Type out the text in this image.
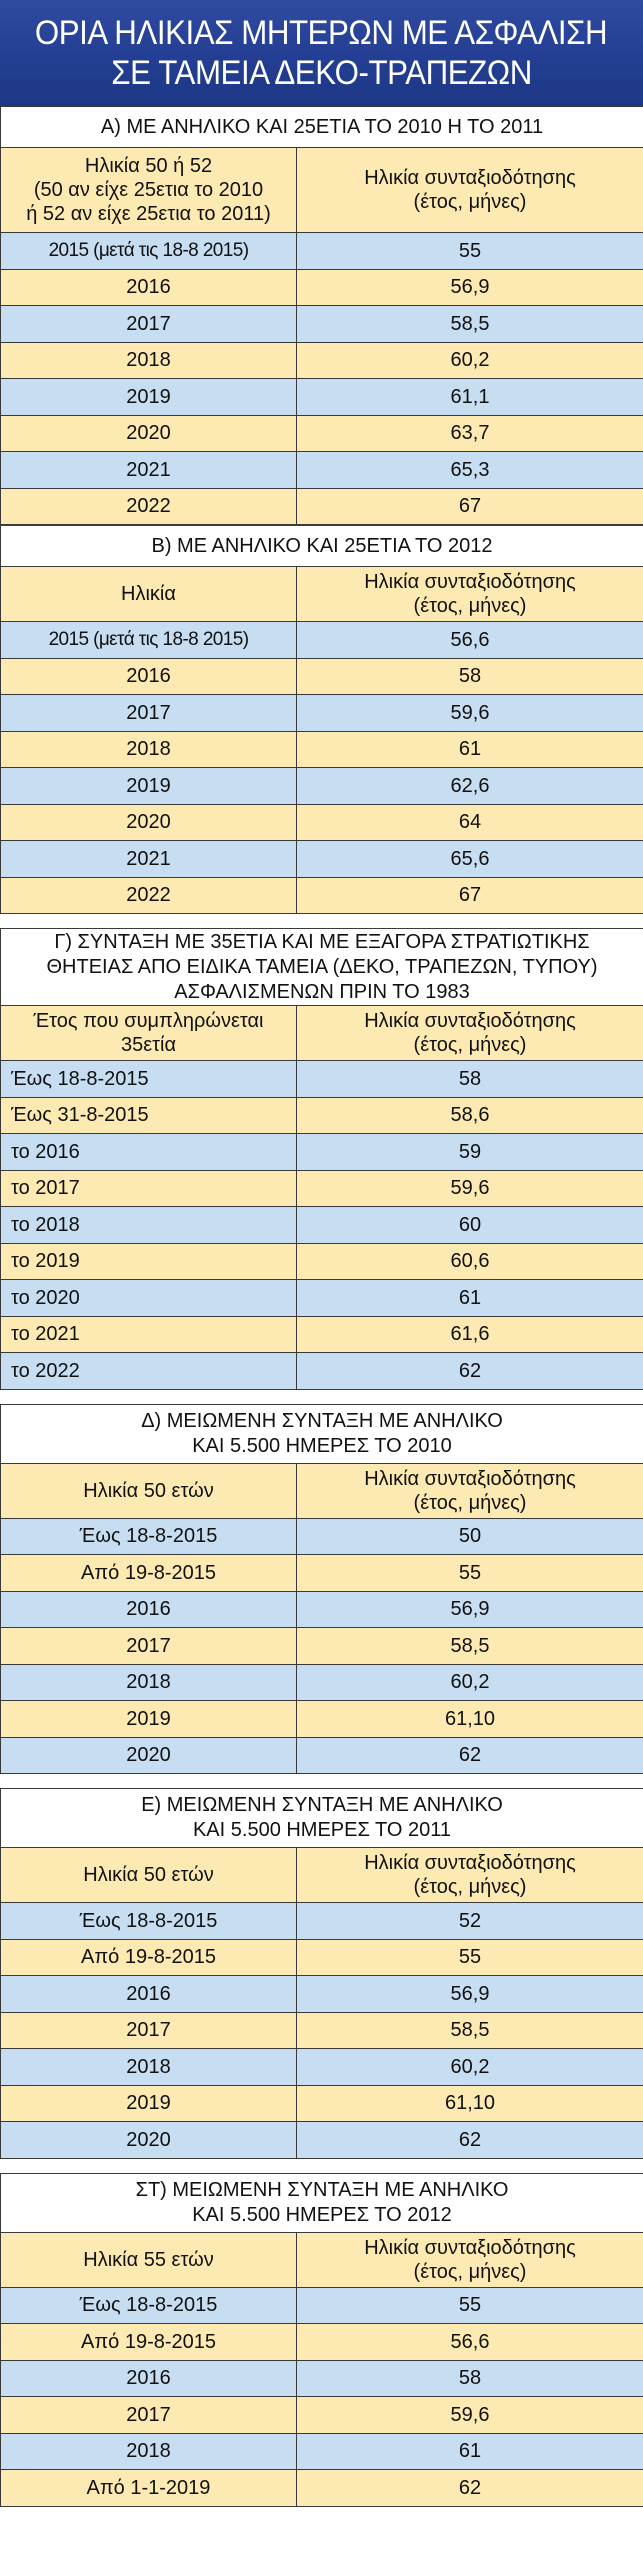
ΟΡΙΑ ΗΛΙΚΙΑΣ ΜΗΤΕΡΩΝ ΜΕ ΑΣΦΑΛΙΣΗ
ΣΕ ΤΑΜΕΙΑ ΔΕΚΟ-ΤΡΑΠΕΖΩΝ
Α) ΜΕ ΑΝΗΛΙΚΟ ΚΑΙ 25ΕΤΙΑ ΤΟ 2010 Η ΤΟ 2011	
Ηλικία 50 ή 52
(50 αν είχε 25ετια το 2010
ή 52 αν είχε 25ετια το 2011)	Ηλικία συνταξιοδότησης
(έτος, μήνες)
2015 (μετά τις 18-8 2015)	55
2016	56,9
2017	58,5
2018	60,2
2019	61,1
2020	63,7
2021	65,3
2022	67
Β) ΜΕ ΑΝΗΛΙΚΟ ΚΑΙ 25ΕΤΙΑ ΤΟ 2012	
Ηλικία	Ηλικία συνταξιοδότησης
(έτος, μήνες)
2015 (μετά τις 18-8 2015)	56,6
2016	58
2017	59,6
2018	61
2019	62,6
2020	64
2021	65,6
2022	67
Γ) ΣΥΝΤΑΞΗ ΜΕ 35ΕΤΙΑ ΚΑΙ ΜΕ ΕΞΑΓΟΡΑ ΣΤΡΑΤΙΩΤΙΚΗΣ
ΘΗΤΕΙΑΣ ΑΠΟ ΕΙΔΙΚΑ ΤΑΜΕΙΑ (ΔΕΚΟ, ΤΡΑΠΕΖΩΝ, ΤΥΠΟΥ)
ΑΣΦΑΛΙΣΜΕΝΩΝ ΠΡΙΝ ΤΟ 1983	
Έτος που συμπληρώνεται
35ετία	Ηλικία συνταξιοδότησης
(έτος, μήνες)
Έως 18-8-2015	58
Έως 31-8-2015	58,6
το 2016	59
το 2017	59,6
το 2018	60
το 2019	60,6
το 2020	61
το 2021	61,6
το 2022	62
Δ) ΜΕΙΩΜΕΝΗ ΣΥΝΤΑΞΗ ΜΕ ΑΝΗΛΙΚΟ
ΚΑΙ 5.500 ΗΜΕΡΕΣ ΤΟ 2010	
Ηλικία 50 ετών	Ηλικία συνταξιοδότησης
(έτος, μήνες)
Έως 18-8-2015	50
Από 19-8-2015	55
2016	56,9
2017	58,5
2018	60,2
2019	61,10
2020	62
Ε) ΜΕΙΩΜΕΝΗ ΣΥΝΤΑΞΗ ΜΕ ΑΝΗΛΙΚΟ
ΚΑΙ 5.500 ΗΜΕΡΕΣ ΤΟ 2011	
Ηλικία 50 ετών	Ηλικία συνταξιοδότησης
(έτος, μήνες)
Έως 18-8-2015	52
Από 19-8-2015	55
2016	56,9
2017	58,5
2018	60,2
2019	61,10
2020	62
ΣΤ) ΜΕΙΩΜΕΝΗ ΣΥΝΤΑΞΗ ΜΕ ΑΝΗΛΙΚΟ
ΚΑΙ 5.500 ΗΜΕΡΕΣ ΤΟ 2012	
Ηλικία 55 ετών	Ηλικία συνταξιοδότησης
(έτος, μήνες)
Έως 18-8-2015	55
Από 19-8-2015	56,6
2016	58
2017	59,6
2018	61
Από 1-1-2019	62
